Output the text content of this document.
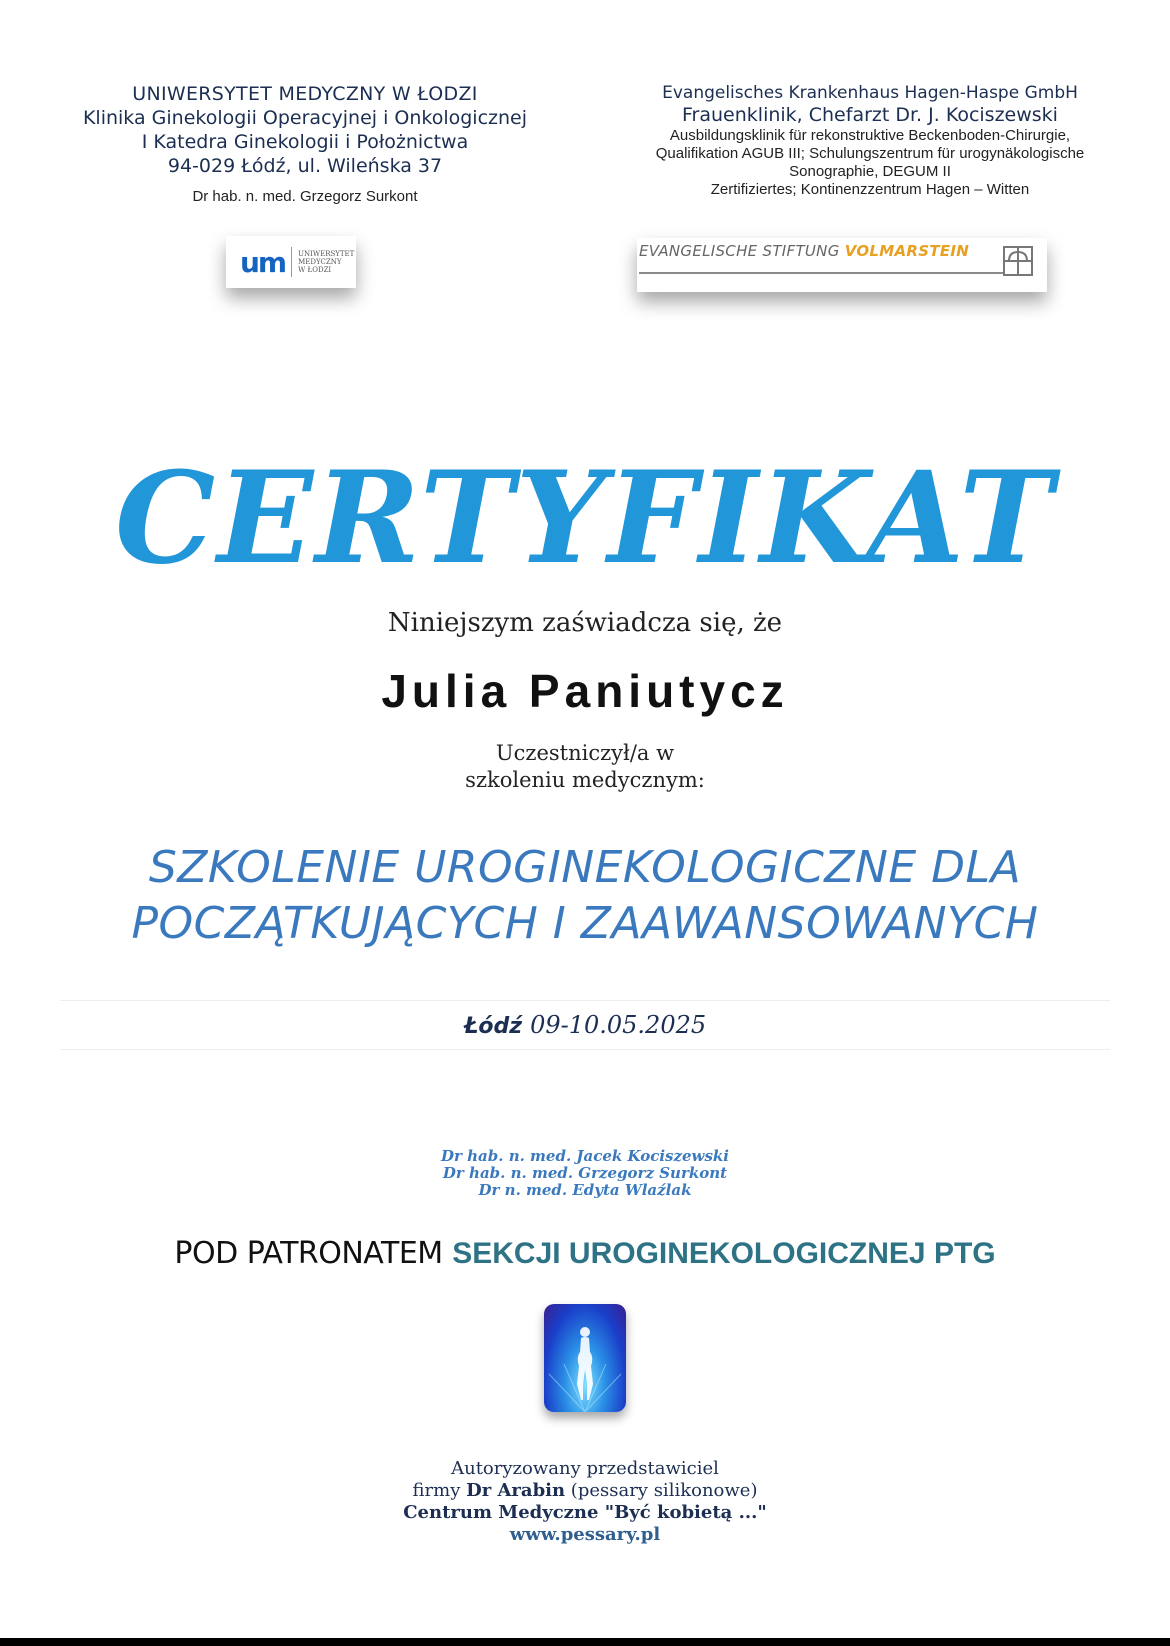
UNIWERSYTET MEDYCZNY W ŁODZI
Klinika Ginekologii Operacyjnej i Onkologicznej
I Katedra Ginekologii i Położnictwa
94-029 Łódź, ul. Wileńska 37
Dr hab. n. med. Grzegorz Surkont
um UNIWERSYTET
MEDYCZNY
W ŁODZI
Evangelisches Krankenhaus Hagen-Haspe GmbH
Frauenklinik, Chefarzt Dr. J. Kociszewski
Ausbildungsklinik für rekonstruktive Beckenboden-Chirurgie,
Qualifikation AGUB III; Schulungszentrum für urogynäkologische
Sonographie, DEGUM II
Zertifiziertes; Kontinenzzentrum Hagen – Witten
EVANGELISCHE STIFTUNG VOLMARSTEIN
CERTYFIKAT
Niniejszym zaświadcza się, że
Julia Paniutycz
Uczestniczył/a w
szkoleniu medycznym:
SZKOLENIE UROGINEKOLOGICZNE DLA
POCZĄTKUJĄCYCH I ZAAWANSOWANYCH
Łódź 09-10.05.2025
Dr hab. n. med. Jacek Kociszewski
Dr hab. n. med. Grzegorz Surkont
Dr n. med. Edyta Wlaźlak
POD PATRONATEM SEKCJI UROGINEKOLOGICZNEJ PTG
Autoryzowany przedstawiciel
firmy Dr Arabin (pessary silikonowe)
Centrum Medyczne "Być kobietą ..."
www.pessary.pl
